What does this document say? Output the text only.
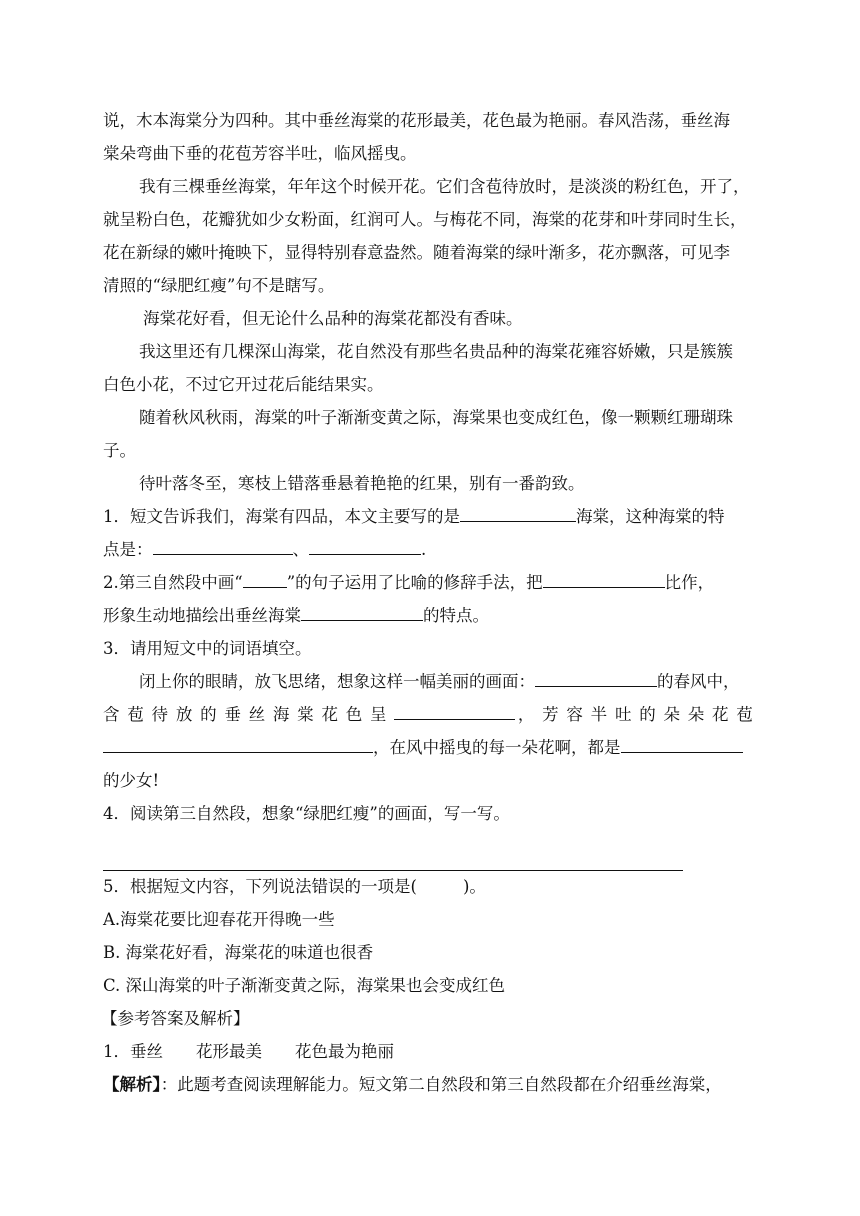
说，木本海棠分为四种。其中垂丝海棠的花形最美，花色最为艳丽。春风浩荡，垂丝海
棠朵弯曲下垂的花苞芳容半吐，临风摇曳。
我有三棵垂丝海棠，年年这个时候开花。它们含苞待放时，是淡淡的粉红色，开了，
就呈粉白色，花瓣犹如少女粉面，红润可人。与梅花不同，海棠的花芽和叶芽同时生长，
花在新绿的嫩叶掩映下，显得特别春意盎然。随着海棠的绿叶渐多，花亦飘落，可见李
清照的“绿肥红瘦”句不是瞎写。
海棠花好看，但无论什么品种的海棠花都没有香味。
我这里还有几棵深山海棠，花自然没有那些名贵品种的海棠花雍容娇嫩，只是簇簇
白色小花，不过它开过花后能结果实。
随着秋风秋雨，海棠的叶子渐渐变黄之际，海棠果也变成红色，像一颗颗红珊瑚珠
子。
待叶落冬至，寒枝上错落垂悬着艳艳的红果，别有一番韵致。
1．短文告诉我们，海棠有四品，本文主要写的是	海棠，这种海棠的特
点是：	、	.
2.第三自然段中画“	”的句子运用了比喻的修辞手法，把	比作，
形象生动地描绘出垂丝海棠	的特点。
3．请用短文中的词语填空。
闭上你的眼睛，放飞思绪，想象这样一幅美丽的画面：	的春风中，
含苞待放的垂丝海棠花色呈	，芳容半吐的朵朵花苞
，在风中摇曳的每一朵花啊，都是
的少女!
4．阅读第三自然段，想象“绿肥红瘦”的画面，写一写。
5．根据短文内容，下列说法错误的一项是(	)。
A.海棠花要比迎春花开得晚一些
B. 海棠花好看，海棠花的味道也很香
C. 深山海棠的叶子渐渐变黄之际，海棠果也会变成红色
【参考答案及解析】
1．垂丝　　花形最美　　花色最为艳丽
【解析】：此题考查阅读理解能力。短文第二自然段和第三自然段都在介绍垂丝海棠，
